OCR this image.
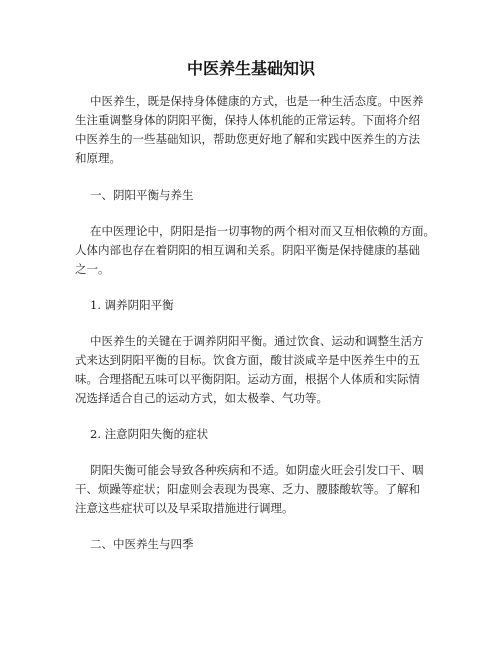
中医养生基础知识
中医养生，既是保持身体健康的方式，也是一种生活态度。中医养
生注重调整身体的阴阳平衡，保持人体机能的正常运转。下面将介绍
中医养生的一些基础知识，帮助您更好地了解和实践中医养生的方法
和原理。
一、阴阳平衡与养生
在中医理论中，阴阳是指一切事物的两个相对而又互相依赖的方面。
人体内部也存在着阴阳的相互调和关系。阴阳平衡是保持健康的基础
之一。
1. 调养阴阳平衡
中医养生的关键在于调养阴阳平衡。通过饮食、运动和调整生活方
式来达到阴阳平衡的目标。饮食方面，酸甘淡咸辛是中医养生中的五
味。合理搭配五味可以平衡阴阳。运动方面，根据个人体质和实际情
况选择适合自己的运动方式，如太极拳、气功等。
2. 注意阴阳失衡的症状
阴阳失衡可能会导致各种疾病和不适。如阴虚火旺会引发口干、咽
干、烦躁等症状；阳虚则会表现为畏寒、乏力、腰膝酸软等。了解和
注意这些症状可以及早采取措施进行调理。
二、中医养生与四季
